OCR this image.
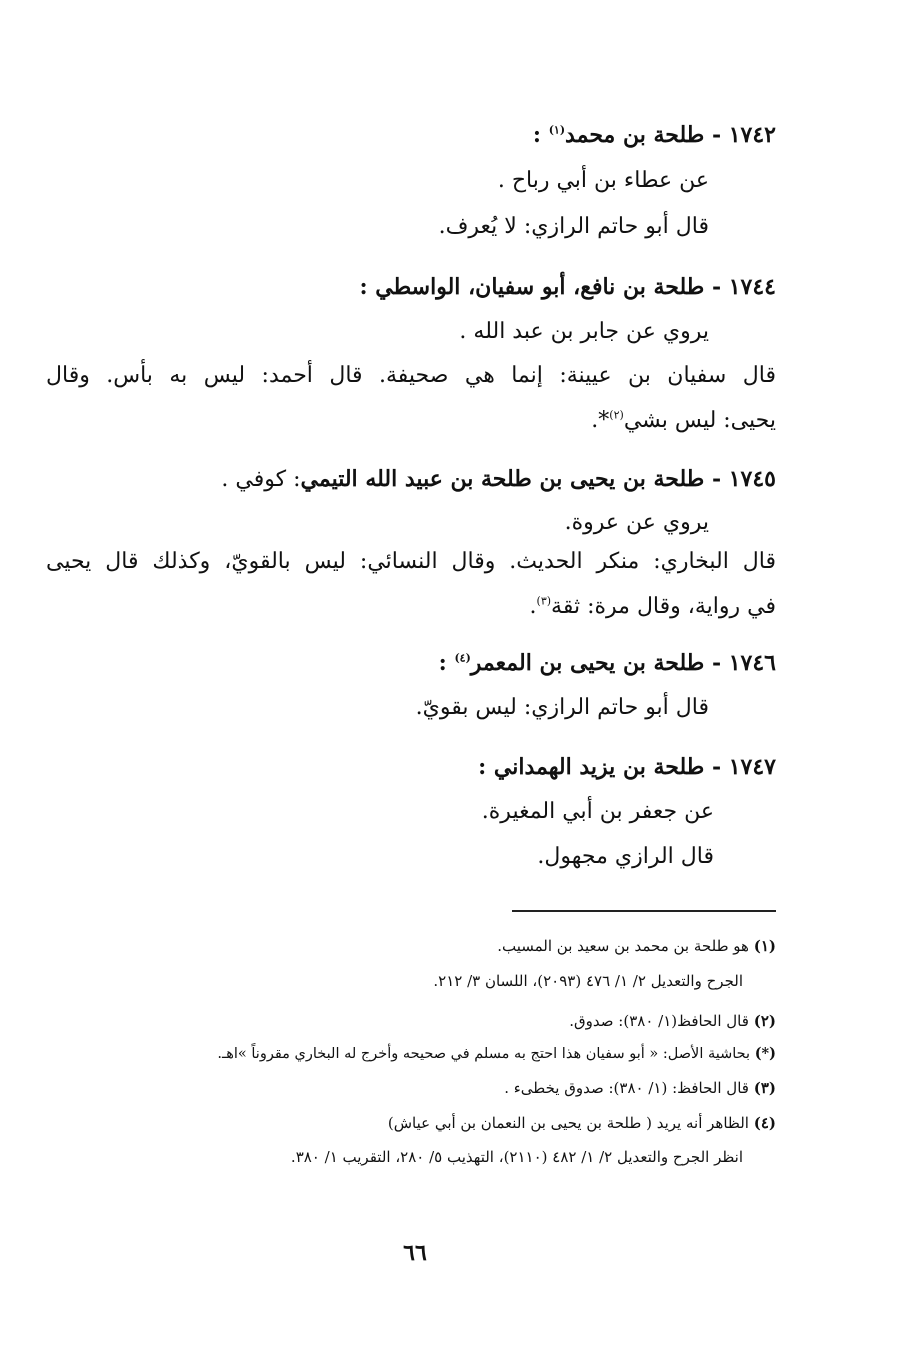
١٧٤٢ - طلحة بن محمد$^{(١)}$ :
عن عطاء بن أبي رباح .
قال أبو حاتم الرازي: لا يُعرف.
١٧٤٤ - طلحة بن نافع، أبو سفيان، الواسطي :
يروي عن جابر بن عبد الله .
قال سفيان بن عيينة: إنما هي صحيفة. قال أحمد: ليس به بأس. وقال
يحيى: ليس بشي$^{(٢)}$*.
١٧٤٥ - طلحة بن يحيى بن طلحة بن عبيد الله التيمي: كوفي .
يروي عن عروة.
قال البخاري: منكر الحديث. وقال النسائي: ليس بالقويّ، وكذلك قال يحيى
في رواية، وقال مرة: ثقة$^{(٣)}$.
١٧٤٦ - طلحة بن يحيى بن المعمر$^{(٤)}$ :
قال أبو حاتم الرازي: ليس بقويّ.
١٧٤٧ - طلحة بن يزيد الهمداني :
عن جعفر بن أبي المغيرة.
قال الرازي مجهول.
(١) هو طلحة بن محمد بن سعيد بن المسيب.
الجرح والتعديل ٢/ ١/ ٤٧٦ (٢٠٩٣)، اللسان ٣/ ٢١٢.
(٢) قال الحافظ(١/ ٣٨٠): صدوق.
(*) بحاشية الأصل: « أبو سفيان هذا احتج به مسلم في صحيحه وأخرج له البخاري مقروناً »اهـ.
(٣) قال الحافظ: (١/ ٣٨٠): صدوق يخطىء .
(٤) الظاهر أنه يريد ( طلحة بن يحيى بن النعمان بن أبي عياش)
انظر الجرح والتعديل ٢/ ١/ ٤٨٢ (٢١١٠)، التهذيب ٥/ ٢٨٠، التقريب ١/ ٣٨٠.
٦٦
